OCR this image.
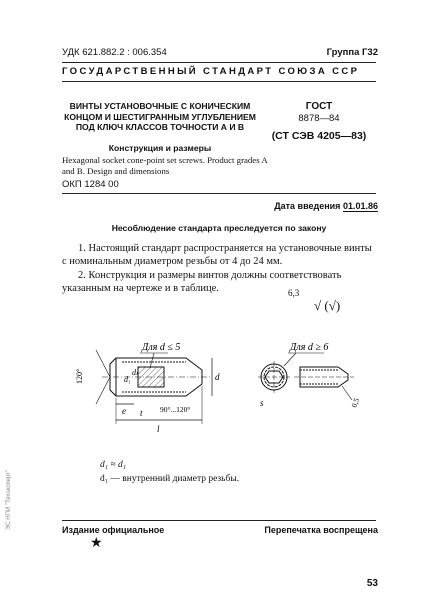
УДК 621.882.2 : 006.354	Группа Г32
ГОСУДАРСТВЕННЫЙ СТАНДАРТ СОЮЗА ССР
ВИНТЫ УСТАНОВОЧНЫЕ С КОНИЧЕСКИМ КОНЦОМ И ШЕСТИГРАННЫМ УГЛУБЛЕНИЕМ ПОД КЛЮЧ КЛАССОВ ТОЧНОСТИ А И В
ГОСТ
8878—84
(СТ СЭВ 4205—83)
Конструкция и размеры
Hexagonal socket cone-point set screws. Product grades A and B. Design and dimensions
ОКП 1284 00
Дата введения 01.01.86
Несоблюдение стандарта преследуется по закону
1. Настоящий стандарт распространяется на установочные винты с номинальным диаметром резьбы от 4 до 24 мм.
2. Конструкция и размеры винтов должны соответствовать указанным на чертеже и в таблице.	6,3
√ (√)
Для d ≤ 5	Для d ≥ 6
120°	d₁
dₜ	d
e
l
t 90°...120°
s	0,5
d₁ ≈ d₁
d₁ — внутренний диаметр резьбы.
Издание официальное	Перепечатка воспрещена
★
53
ЭС НПИ "Техэксперт"
